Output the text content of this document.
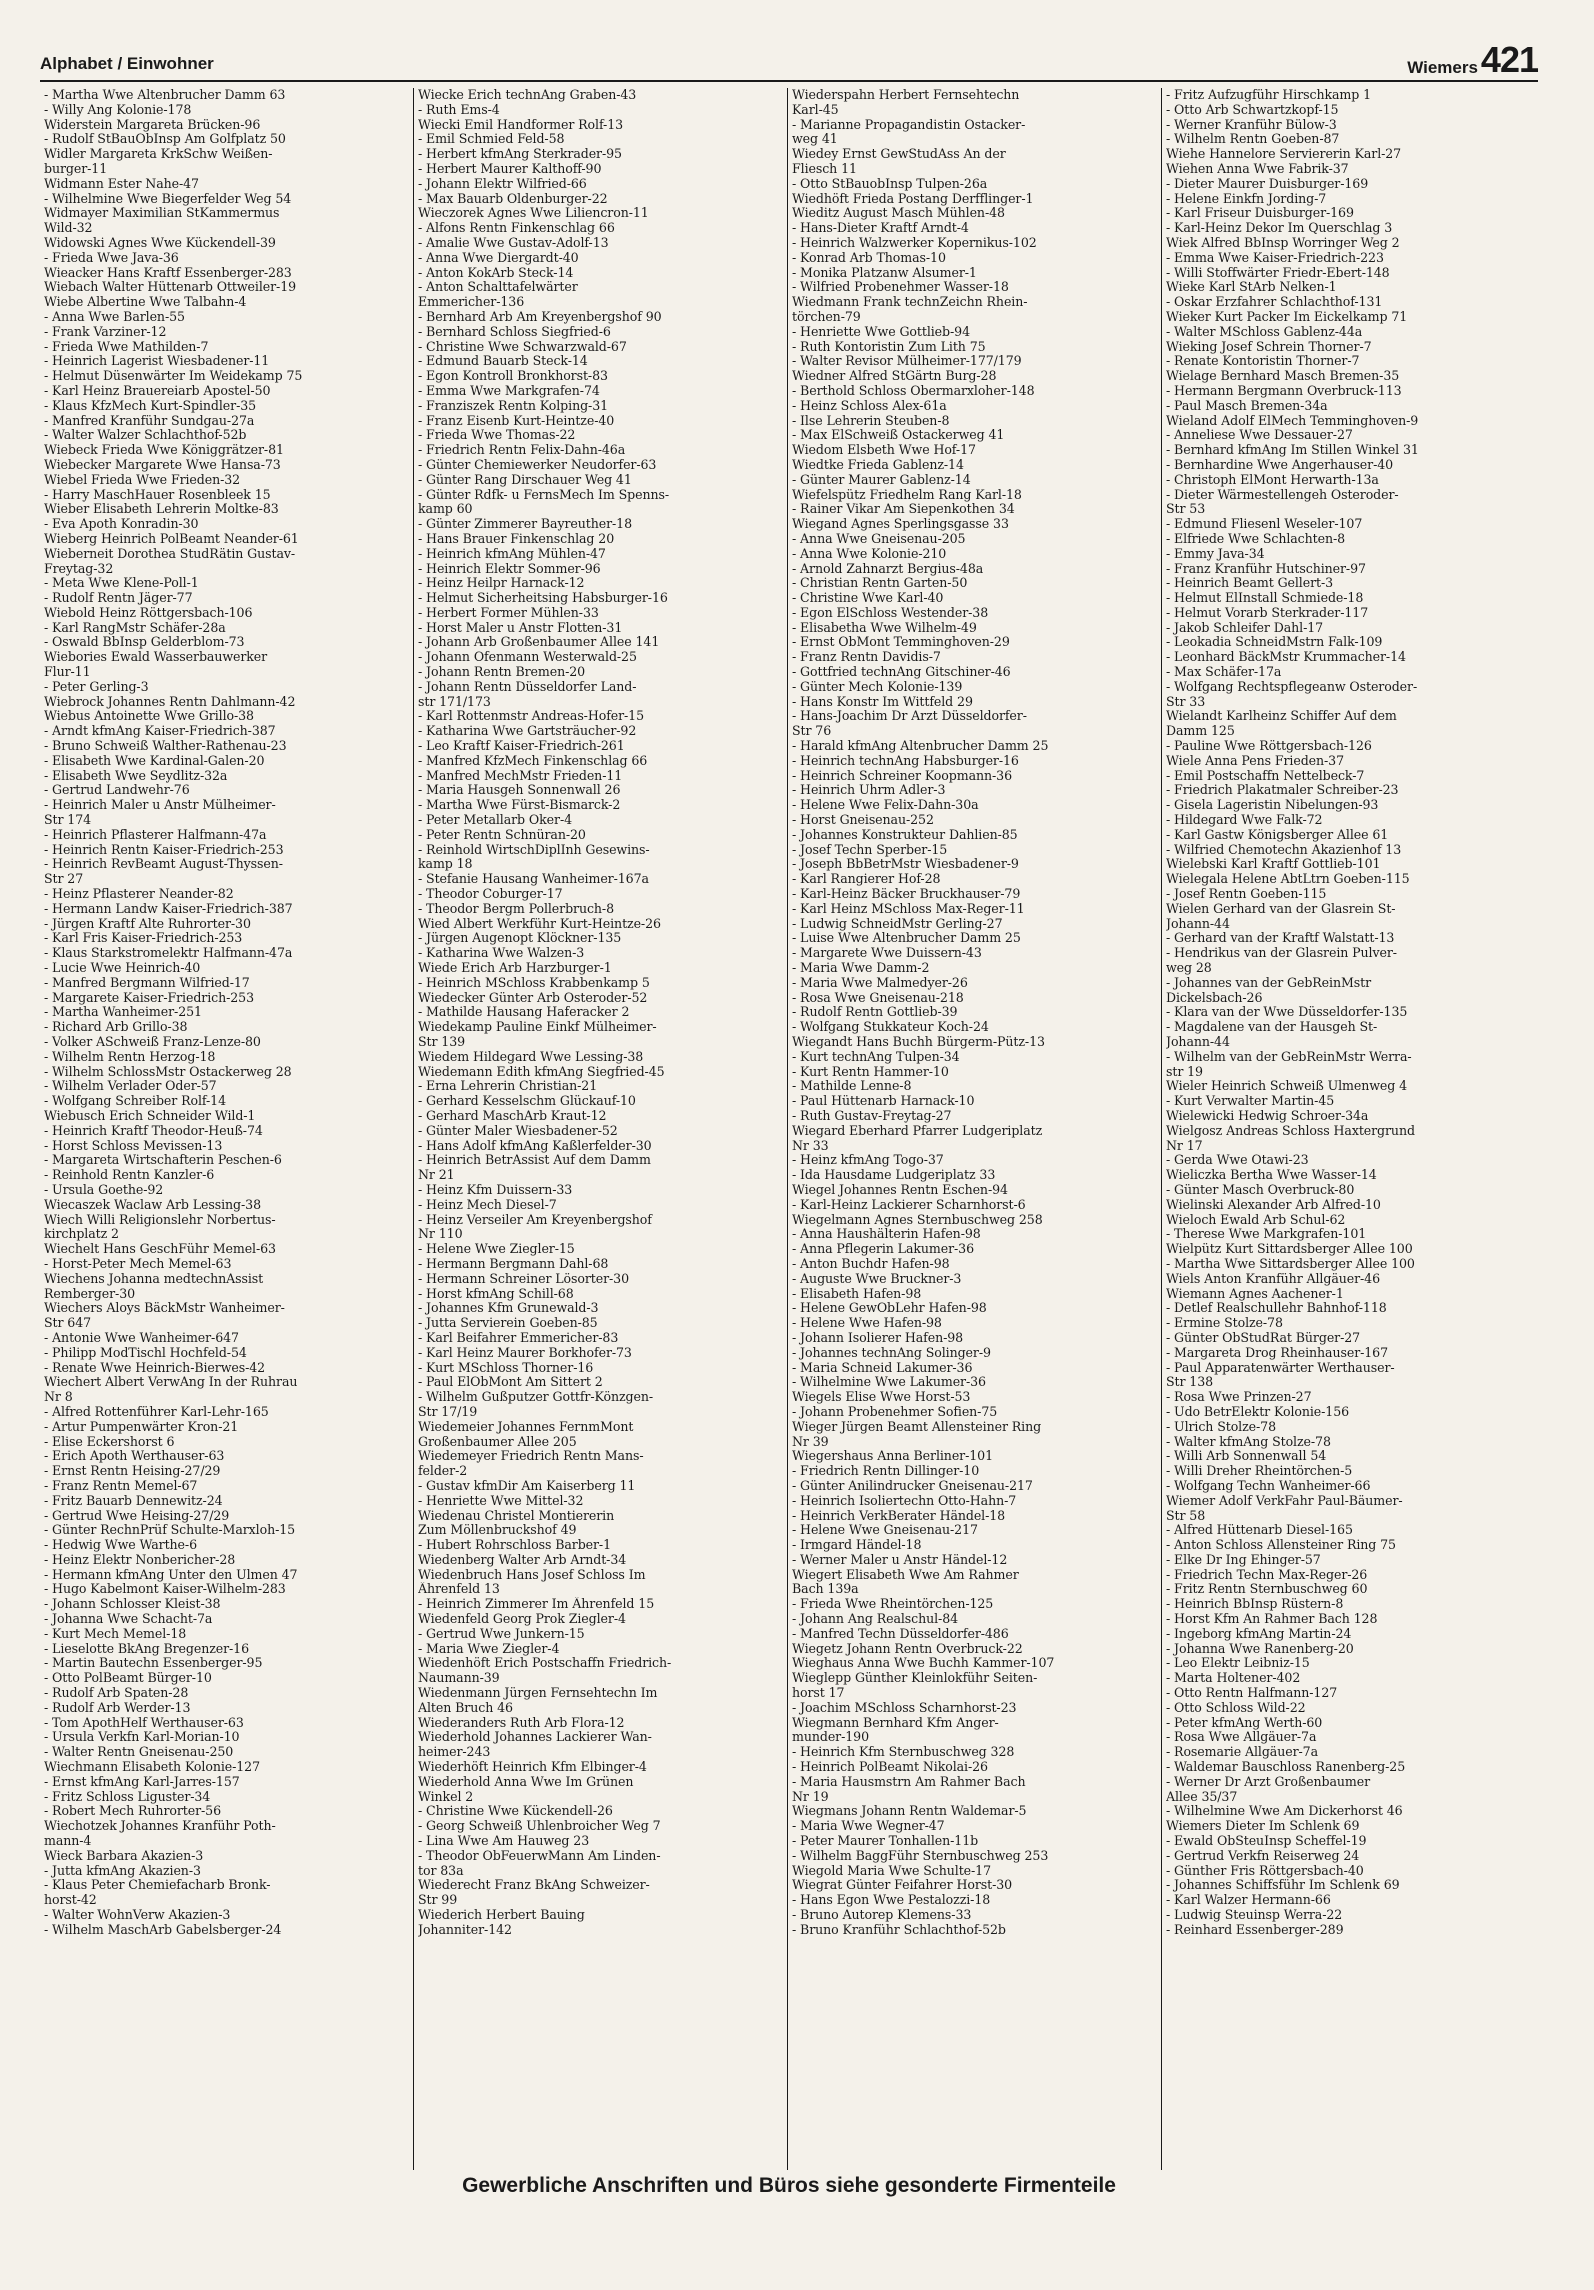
Alphabet / Einwohner	Wiemers421
- Martha Wwe Altenbrucher Damm 63
- Willy Ang Kolonie-178
Widerstein Margareta Brücken-96
- Rudolf StBauObInsp Am Golfplatz 50
Widler Margareta KrkSchw Weißen-
burger-11
Widmann Ester Nahe-47
- Wilhelmine Wwe Biegerfelder Weg 54
Widmayer Maximilian StKammermus
Wild-32
Widowski Agnes Wwe Kückendell-39
- Frieda Wwe Java-36
Wieacker Hans Kraftf Essenberger-283
Wiebach Walter Hüttenarb Ottweiler-19
Wiebe Albertine Wwe Talbahn-4
- Anna Wwe Barlen-55
- Frank Varziner-12
- Frieda Wwe Mathilden-7
- Heinrich Lagerist Wiesbadener-11
- Helmut Düsenwärter Im Weidekamp 75
- Karl Heinz Brauereiarb Apostel-50
- Klaus KfzMech Kurt-Spindler-35
- Manfred Kranführ Sundgau-27a
- Walter Walzer Schlachthof-52b
Wiebeck Frieda Wwe Königgrätzer-81
Wiebecker Margarete Wwe Hansa-73
Wiebel Frieda Wwe Frieden-32
- Harry MaschHauer Rosenbleek 15
Wieber Elisabeth Lehrerin Moltke-83
- Eva Apoth Konradin-30
Wieberg Heinrich PolBeamt Neander-61
Wieberneit Dorothea StudRätin Gustav-
Freytag-32
- Meta Wwe Klene-Poll-1
- Rudolf Rentn Jäger-77
Wiebold Heinz Röttgersbach-106
- Karl RangMstr Schäfer-28a
- Oswald BbInsp Gelderblom-73
Wiebories Ewald Wasserbauwerker
Flur-11
- Peter Gerling-3
Wiebrock Johannes Rentn Dahlmann-42
Wiebus Antoinette Wwe Grillo-38
- Arndt kfmAng Kaiser-Friedrich-387
- Bruno Schweiß Walther-Rathenau-23
- Elisabeth Wwe Kardinal-Galen-20
- Elisabeth Wwe Seydlitz-32a
- Gertrud Landwehr-76
- Heinrich Maler u Anstr Mülheimer-
Str 174
- Heinrich Pflasterer Halfmann-47a
- Heinrich Rentn Kaiser-Friedrich-253
- Heinrich RevBeamt August-Thyssen-
Str 27
- Heinz Pflasterer Neander-82
- Hermann Landw Kaiser-Friedrich-387
- Jürgen Kraftf Alte Ruhrorter-30
- Karl Fris Kaiser-Friedrich-253
- Klaus Starkstromelektr Halfmann-47a
- Lucie Wwe Heinrich-40
- Manfred Bergmann Wilfried-17
- Margarete Kaiser-Friedrich-253
- Martha Wanheimer-251
- Richard Arb Grillo-38
- Volker ASchweiß Franz-Lenze-80
- Wilhelm Rentn Herzog-18
- Wilhelm SchlossMstr Ostackerweg 28
- Wilhelm Verlader Oder-57
- Wolfgang Schreiber Rolf-14
Wiebusch Erich Schneider Wild-1
- Heinrich Kraftf Theodor-Heuß-74
- Horst Schloss Mevissen-13
- Margareta Wirtschafterin Peschen-6
- Reinhold Rentn Kanzler-6
- Ursula Goethe-92
Wiecaszek Waclaw Arb Lessing-38
Wiech Willi Religionslehr Norbertus-
kirchplatz 2
Wiechelt Hans GeschFühr Memel-63
- Horst-Peter Mech Memel-63
Wiechens Johanna medtechnAssist
Remberger-30
Wiechers Aloys BäckMstr Wanheimer-
Str 647
- Antonie Wwe Wanheimer-647
- Philipp ModTischl Hochfeld-54
- Renate Wwe Heinrich-Bierwes-42
Wiechert Albert VerwAng In der Ruhrau
Nr 8
- Alfred Rottenführer Karl-Lehr-165
- Artur Pumpenwärter Kron-21
- Elise Eckershorst 6
- Erich Apoth Werthauser-63
- Ernst Rentn Heising-27/29
- Franz Rentn Memel-67
- Fritz Bauarb Dennewitz-24
- Gertrud Wwe Heising-27/29
- Günter RechnPrüf Schulte-Marxloh-15
- Hedwig Wwe Warthe-6
- Heinz Elektr Nonbericher-28
- Hermann kfmAng Unter den Ulmen 47
- Hugo Kabelmont Kaiser-Wilhelm-283
- Johann Schlosser Kleist-38
- Johanna Wwe Schacht-7a
- Kurt Mech Memel-18
- Lieselotte BkAng Bregenzer-16
- Martin Bautechn Essenberger-95
- Otto PolBeamt Bürger-10
- Rudolf Arb Spaten-28
- Rudolf Arb Werder-13
- Tom ApothHelf Werthauser-63
- Ursula Verkfn Karl-Morian-10
- Walter Rentn Gneisenau-250
Wiechmann Elisabeth Kolonie-127
- Ernst kfmAng Karl-Jarres-157
- Fritz Schloss Liguster-34
- Robert Mech Ruhrorter-56
Wiechotzek Johannes Kranführ Poth-
mann-4
Wieck Barbara Akazien-3
- Jutta kfmAng Akazien-3
- Klaus Peter Chemiefacharb Bronk-
horst-42
- Walter WohnVerw Akazien-3
- Wilhelm MaschArb Gabelsberger-24
Wiecke Erich technAng Graben-43
- Ruth Ems-4
Wiecki Emil Handformer Rolf-13
- Emil Schmied Feld-58
- Herbert kfmAng Sterkrader-95
- Herbert Maurer Kalthoff-90
- Johann Elektr Wilfried-66
- Max Bauarb Oldenburger-22
Wieczorek Agnes Wwe Liliencron-11
- Alfons Rentn Finkenschlag 66
- Amalie Wwe Gustav-Adolf-13
- Anna Wwe Diergardt-40
- Anton KokArb Steck-14
- Anton Schalttafelwärter
Emmericher-136
- Bernhard Arb Am Kreyenbergshof 90
- Bernhard Schloss Siegfried-6
- Christine Wwe Schwarzwald-67
- Edmund Bauarb Steck-14
- Egon Kontroll Bronkhorst-83
- Emma Wwe Markgrafen-74
- Franziszek Rentn Kolping-31
- Franz Eisenb Kurt-Heintze-40
- Frieda Wwe Thomas-22
- Friedrich Rentn Felix-Dahn-46a
- Günter Chemiewerker Neudorfer-63
- Günter Rang Dirschauer Weg 41
- Günter Rdfk- u FernsMech Im Spenns-
kamp 60
- Günter Zimmerer Bayreuther-18
- Hans Brauer Finkenschlag 20
- Heinrich kfmAng Mühlen-47
- Heinrich Elektr Sommer-96
- Heinz Heilpr Harnack-12
- Helmut Sicherheitsing Habsburger-16
- Herbert Former Mühlen-33
- Horst Maler u Anstr Flotten-31
- Johann Arb Großenbaumer Allee 141
- Johann Öfenmann Westerwald-25
- Johann Rentn Bremen-20
- Johann Rentn Düsseldorfer Land-
str 171/173
- Karl Rottenmstr Andreas-Hofer-15
- Katharina Wwe Gartsträucher-92
- Leo Kraftf Kaiser-Friedrich-261
- Manfred KfzMech Finkenschlag 66
- Manfred MechMstr Frieden-11
- Maria Hausgeh Sonnenwall 26
- Martha Wwe Fürst-Bismarck-2
- Peter Metallarb Oker-4
- Peter Rentn Schnüran-20
- Reinhold WirtschDiplInh Gesewins-
kamp 18
- Stefanie Hausang Wanheimer-167a
- Theodor Coburger-17
- Theodor Bergm Pollerbruch-8
Wied Albert Werkführ Kurt-Heintze-26
- Jürgen Augenopt Klöckner-135
- Katharina Wwe Walzen-3
Wiede Erich Arb Harzburger-1
- Heinrich MSchloss Krabbenkamp 5
Wiedecker Günter Arb Osteroder-52
- Mathilde Hausang Haferacker 2
Wiedekamp Pauline Einkf Mülheimer-
Str 139
Wiedem Hildegard Wwe Lessing-38
Wiedemann Edith kfmAng Siegfried-45
- Erna Lehrerin Christian-21
- Gerhard Kesselschm Glückauf-10
- Gerhard MaschArb Kraut-12
- Günter Maler Wiesbadener-52
- Hans Adolf kfmAng Kaßlerfelder-30
- Heinrich BetrAssist Auf dem Damm
Nr 21
- Heinz Kfm Duissern-33
- Heinz Mech Diesel-7
- Heinz Verseiler Am Kreyenbergshof
Nr 110
- Helene Wwe Ziegler-15
- Hermann Bergmann Dahl-68
- Hermann Schreiner Lösorter-30
- Horst kfmAng Schill-68
- Johannes Kfm Grunewald-3
- Jutta Servierein Goeben-85
- Karl Beifahrer Emmericher-83
- Karl Heinz Maurer Borkhofer-73
- Kurt MSchloss Thorner-16
- Paul ElObMont Am Sittert 2
- Wilhelm Gußputzer Gottfr-Könzgen-
Str 17/19
Wiedemeier Johannes FernmMont
Großenbaumer Allee 205
Wiedemeyer Friedrich Rentn Mans-
felder-2
- Gustav kfmDir Am Kaiserberg 11
- Henriette Wwe Mittel-32
Wiedenau Christel Montiererin
Zum Möllenbruckshof 49
- Hubert Rohrschloss Barber-1
Wiedenberg Walter Arb Arndt-34
Wiedenbruch Hans Josef Schloss Im
Ährenfeld 13
- Heinrich Zimmerer Im Ährenfeld 15
Wiedenfeld Georg Prok Ziegler-4
- Gertrud Wwe Junkern-15
- Maria Wwe Ziegler-4
Wiedenhöft Erich Postschaffn Friedrich-
Naumann-39
Wiedenmann Jürgen Fernsehtechn Im
Alten Bruch 46
Wiederanders Ruth Arb Flora-12
Wiederhold Johannes Lackierer Wan-
heimer-243
Wiederhöft Heinrich Kfm Elbinger-4
Wiederhold Anna Wwe Im Grünen
Winkel 2
- Christine Wwe Kückendell-26
- Georg Schweiß Uhlenbroicher Weg 7
- Lina Wwe Am Hauweg 23
- Theodor ObFeuerwMann Am Linden-
tor 83a
Wiederecht Franz BkAng Schweizer-
Str 99
Wiederich Herbert Bauing
Johanniter-142
Wiederspahn Herbert Fernsehtechn
Karl-45
- Marianne Propagandistin Ostacker-
weg 41
Wiedey Ernst GewStudAss An der
Fliesch 11
- Otto StBauobInsp Tulpen-26a
Wiedhöft Frieda Postang Derfflinger-1
Wieditz August Masch Mühlen-48
- Hans-Dieter Kraftf Arndt-4
- Heinrich Walzwerker Kopernikus-102
- Konrad Arb Thomas-10
- Monika Platzanw Alsumer-1
- Wilfried Probenehmer Wasser-18
Wiedmann Frank technZeichn Rhein-
törchen-79
- Henriette Wwe Gottlieb-94
- Ruth Kontoristin Zum Lith 75
- Walter Revisor Mülheimer-177/179
Wiedner Alfred StGärtn Burg-28
- Berthold Schloss Obermarxloher-148
- Heinz Schloss Alex-61a
- Ilse Lehrerin Steuben-8
- Max ElSchweiß Ostackerweg 41
Wiedom Elsbeth Wwe Hof-17
Wiedtke Frieda Gablenz-14
- Günter Maurer Gablenz-14
Wiefelspütz Friedhelm Rang Karl-18
- Rainer Vikar Am Siepenkothen 34
Wiegand Agnes Sperlingsgasse 33
- Anna Wwe Gneisenau-205
- Anna Wwe Kolonie-210
- Arnold Zahnarzt Bergius-48a
- Christian Rentn Garten-50
- Christine Wwe Karl-40
- Egon ElSchloss Westender-38
- Elisabetha Wwe Wilhelm-49
- Ernst ObMont Temminghoven-29
- Franz Rentn Davidis-7
- Gottfried technAng Gitschiner-46
- Günter Mech Kolonie-139
- Hans Konstr Im Wittfeld 29
- Hans-Joachim Dr Arzt Düsseldorfer-
Str 76
- Harald kfmAng Altenbrucher Damm 25
- Heinrich technAng Habsburger-16
- Heinrich Schreiner Koopmann-36
- Heinrich Uhrm Adler-3
- Helene Wwe Felix-Dahn-30a
- Horst Gneisenau-252
- Johannes Konstrukteur Dahlien-85
- Josef Techn Sperber-15
- Joseph BbBetrMstr Wiesbadener-9
- Karl Rangierer Hof-28
- Karl-Heinz Bäcker Bruckhauser-79
- Karl Heinz MSchloss Max-Reger-11
- Ludwig SchneidMstr Gerling-27
- Luise Wwe Altenbrucher Damm 25
- Margarete Wwe Duissern-43
- Maria Wwe Damm-2
- Maria Wwe Malmedyer-26
- Rosa Wwe Gneisenau-218
- Rudolf Rentn Gottlieb-39
- Wolfgang Stukkateur Koch-24
Wiegandt Hans Buchh Bürgerm-Pütz-13
- Kurt technAng Tulpen-34
- Kurt Rentn Hammer-10
- Mathilde Lenne-8
- Paul Hüttenarb Harnack-10
- Ruth Gustav-Freytag-27
Wiegard Eberhard Pfarrer Ludgeriplatz
Nr 33
- Heinz kfmAng Togo-37
- Ida Hausdame Ludgeriplatz 33
Wiegel Johannes Rentn Eschen-94
- Karl-Heinz Lackierer Scharnhorst-6
Wiegelmann Agnes Sternbuschweg 258
- Anna Haushälterin Hafen-98
- Anna Pflegerin Lakumer-36
- Anton Buchdr Hafen-98
- Auguste Wwe Bruckner-3
- Elisabeth Hafen-98
- Helene GewObLehr Hafen-98
- Helene Wwe Hafen-98
- Johann Isolierer Hafen-98
- Johannes technAng Solinger-9
- Maria Schneid Lakumer-36
- Wilhelmine Wwe Lakumer-36
Wiegels Elise Wwe Horst-53
- Johann Probenehmer Sofien-75
Wieger Jürgen Beamt Allensteiner Ring
Nr 39
Wiegershaus Anna Berliner-101
- Friedrich Rentn Dillinger-10
- Günter Anilindrucker Gneisenau-217
- Heinrich Isoliertechn Otto-Hahn-7
- Heinrich VerkBerater Händel-18
- Helene Wwe Gneisenau-217
- Irmgard Händel-18
- Werner Maler u Anstr Händel-12
Wiegert Elisabeth Wwe Am Rahmer
Bach 139a
- Frieda Wwe Rheintörchen-125
- Johann Ang Realschul-84
- Manfred Techn Düsseldorfer-486
Wiegetz Johann Rentn Overbruck-22
Wieghaus Anna Wwe Buchh Kammer-107
Wieglepp Günther Kleinlokführ Seiten-
horst 17
- Joachim MSchloss Scharnhorst-23
Wiegmann Bernhard Kfm Anger-
munder-190
- Heinrich Kfm Sternbuschweg 328
- Heinrich PolBeamt Nikolai-26
- Maria Hausmstrn Am Rahmer Bach
Nr 19
Wiegmans Johann Rentn Waldemar-5
- Maria Wwe Wegner-47
- Peter Maurer Tonhallen-11b
- Wilhelm BaggFühr Sternbuschweg 253
Wiegold Maria Wwe Schulte-17
Wiegrat Günter Feifahrer Horst-30
- Hans Egon Wwe Pestalozzi-18
- Bruno Autorep Klemens-33
- Bruno Kranführ Schlachthof-52b
- Fritz Aufzugführ Hirschkamp 1
- Otto Arb Schwartzkopf-15
- Werner Kranführ Bülow-3
- Wilhelm Rentn Goeben-87
Wiehe Hannelore Serviererin Karl-27
Wiehen Anna Wwe Fabrik-37
- Dieter Maurer Duisburger-169
- Helene Einkfn Jording-7
- Karl Friseur Duisburger-169
- Karl-Heinz Dekor Im Querschlag 3
Wiek Alfred BbInsp Worringer Weg 2
- Emma Wwe Kaiser-Friedrich-223
- Willi Stoffwärter Friedr-Ebert-148
Wieke Karl StArb Nelken-1
- Oskar Erzfahrer Schlachthof-131
Wieker Kurt Packer Im Eickelkamp 71
- Walter MSchloss Gablenz-44a
Wieking Josef Schrein Thorner-7
- Renate Kontoristin Thorner-7
Wielage Bernhard Masch Bremen-35
- Hermann Bergmann Overbruck-113
- Paul Masch Bremen-34a
Wieland Adolf ElMech Temminghoven-9
- Anneliese Wwe Dessauer-27
- Bernhard kfmAng Im Stillen Winkel 31
- Bernhardine Wwe Angerhauser-40
- Christoph ElMont Herwarth-13a
- Dieter Wärmestellengeh Osteroder-
Str 53
- Edmund Fliesenl Weseler-107
- Elfriede Wwe Schlachten-8
- Emmy Java-34
- Franz Kranführ Hutschiner-97
- Heinrich Beamt Gellert-3
- Helmut ElInstall Schmiede-18
- Helmut Vorarb Sterkrader-117
- Jakob Schleifer Dahl-17
- Leokadia SchneidMstrn Falk-109
- Leonhard BäckMstr Krummacher-14
- Max Schäfer-17a
- Wolfgang Rechtspflegeanw Osteroder-
Str 33
Wielandt Karlheinz Schiffer Auf dem
Damm 125
- Pauline Wwe Röttgersbach-126
Wiele Anna Pens Frieden-37
- Emil Postschaffn Nettelbeck-7
- Friedrich Plakatmaler Schreiber-23
- Gisela Lageristin Nibelungen-93
- Hildegard Wwe Falk-72
- Karl Gastw Königsberger Allee 61
- Wilfried Chemotechn Akazienhof 13
Wielebski Karl Kraftf Gottlieb-101
Wielegala Helene AbtLtrn Goeben-115
- Josef Rentn Goeben-115
Wielen Gerhard van der Glasrein St-
Johann-44
- Gerhard van der Kraftf Walstatt-13
- Hendrikus van der Glasrein Pulver-
weg 28
- Johannes van der GebReinMstr
Dickelsbach-26
- Klara van der Wwe Düsseldorfer-135
- Magdalene van der Hausgeh St-
Johann-44
- Wilhelm van der GebReinMstr Werra-
str 19
Wieler Heinrich Schweiß Ulmenweg 4
- Kurt Verwalter Martin-45
Wielewicki Hedwig Schroer-34a
Wielgosz Andreas Schloss Haxtergrund
Nr 17
- Gerda Wwe Otawi-23
Wieliczka Bertha Wwe Wasser-14
- Günter Masch Overbruck-80
Wielinski Alexander Arb Alfred-10
Wieloch Ewald Arb Schul-62
- Therese Wwe Markgrafen-101
Wielpütz Kurt Sittardsberger Allee 100
- Martha Wwe Sittardsberger Allee 100
Wiels Anton Kranführ Allgäuer-46
Wiemann Agnes Aachener-1
- Detlef Realschullehr Bahnhof-118
- Ermine Stolze-78
- Günter ObStudRat Bürger-27
- Margareta Drog Rheinhauser-167
- Paul Apparatenwärter Werthauser-
Str 138
- Rosa Wwe Prinzen-27
- Udo BetrElektr Kolonie-156
- Ulrich Stolze-78
- Walter kfmAng Stolze-78
- Willi Arb Sonnenwall 54
- Willi Dreher Rheintörchen-5
- Wolfgang Techn Wanheimer-66
Wiemer Adolf VerkFahr Paul-Bäumer-
Str 58
- Alfred Hüttenarb Diesel-165
- Anton Schloss Allensteiner Ring 75
- Elke Dr Ing Ehinger-57
- Friedrich Techn Max-Reger-26
- Fritz Rentn Sternbuschweg 60
- Heinrich BbInsp Rüstern-8
- Horst Kfm An Rahmer Bach 128
- Ingeborg kfmAng Martin-24
- Johanna Wwe Ranenberg-20
- Leo Elektr Leibniz-15
- Marta Holtener-402
- Otto Rentn Halfmann-127
- Otto Schloss Wild-22
- Peter kfmAng Werth-60
- Rosa Wwe Allgäuer-7a
- Rosemarie Allgäuer-7a
- Waldemar Bauschloss Ranenberg-25
- Werner Dr Arzt Großenbaumer
Allee 35/37
- Wilhelmine Wwe Am Dickerhorst 46
Wiemers Dieter Im Schlenk 69
- Ewald ObSteuInsp Scheffel-19
- Gertrud Verkfn Reiserweg 24
- Günther Fris Röttgersbach-40
- Johannes Schiffsführ Im Schlenk 69
- Karl Walzer Hermann-66
- Ludwig Steuinsp Werra-22
- Reinhard Essenberger-289
Gewerbliche Anschriften und Büros siehe gesonderte Firmenteile
